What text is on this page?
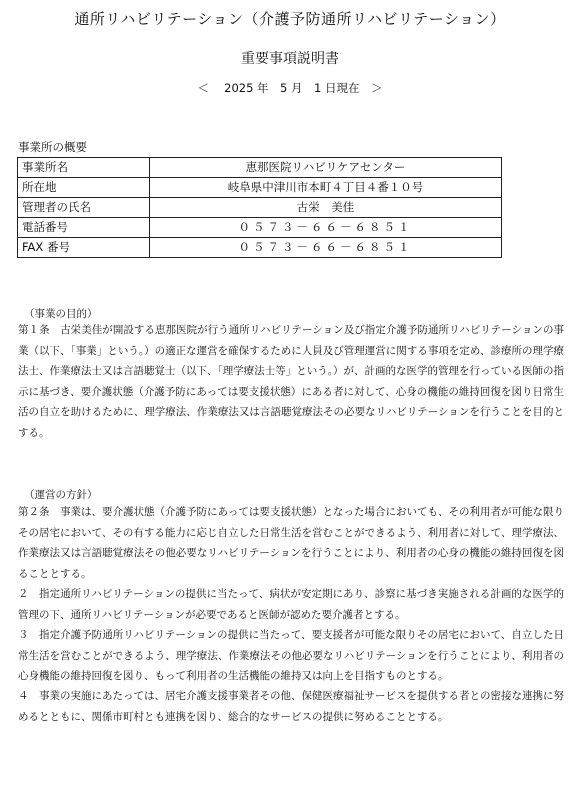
通所リハビリテーション（介護予防通所リハビリテーション）
重要事項説明書
＜　 2025 年　5 月　1 日現在　＞
事業所の概要
事業所名	恵那医院リハビリケアセンター
所在地	岐阜県中津川市本町４丁目４番１０号
管理者の氏名	古栄　美佳
電話番号	０５７３－６６－６８５１
FAX 番号	０５７３－６６－６８５１
（事業の目的）
第１条　古栄美佳が開設する恵那医院が行う通所リハビリテーション及び指定介護予防通所リハビリテーションの事業（以下、「事業」という。）の適正な運営を確保するために人員及び管理運営に関する事項を定め、診療所の理学療法士、作業療法士又は言語聴覚士（以下、「理学療法士等」という。）が、計画的な医学的管理を行っている医師の指示に基づき、要介護状態（介護予防にあっては要支援状態）にある者に対して、心身の機能の維持回復を図り日常生活の自立を助けるために、理学療法、作業療法又は言語聴覚療法その必要なリハビリテーションを行うことを目的とする。
（運営の方針）
第２条　事業は、要介護状態（介護予防にあっては要支援状態）となった場合においても、その利用者が可能な限りその居宅において、その有する能力に応じ自立した日常生活を営むことができるよう、利用者に対して、理学療法、作業療法又は言語聴覚療法その他必要なリハビリテーションを行うことにより、利用者の心身の機能の維持回復を図ることとする。
２　指定通所リハビリテーションの提供に当たって、病状が安定期にあり、診察に基づき実施される計画的な医学的管理の下、通所リハビリテーションが必要であると医師が認めた要介護者とする。
３　指定介護予防通所リハビリテーションの提供に当たって、要支援者が可能な限りその居宅において、自立した日常生活を営むことができるよう、理学療法、作業療法その他必要なリハビリテーションを行うことにより、利用者の心身機能の維持回復を図り、もって利用者の生活機能の維持又は向上を目指すものとする。
４　事業の実施にあたっては、居宅介護支援事業者その他、保健医療福祉サービスを提供する者との密接な連携に努めるとともに、関係市町村とも連携を図り、総合的なサービスの提供に努めることとする。
